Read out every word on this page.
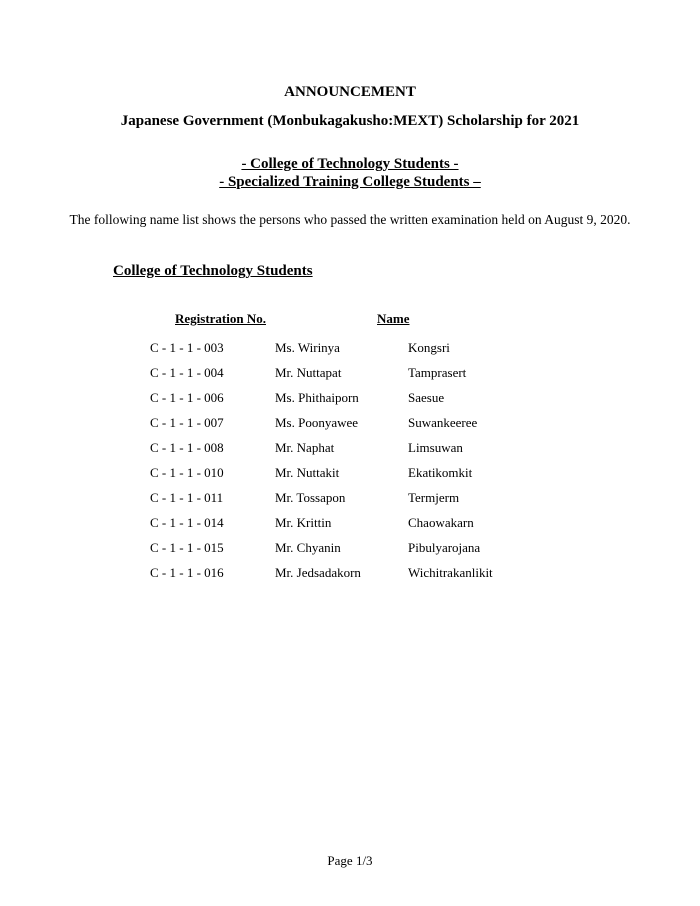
ANNOUNCEMENT
Japanese Government (Monbukagakusho:MEXT) Scholarship for 2021
- College of Technology Students -
- Specialized Training College Students –
The following name list shows the persons who passed the written examination held on August 9, 2020.
College of Technology Students
Registration No.	Name
C - 1 - 1 - 003	Ms. Wirinya	Kongsri
C - 1 - 1 - 004	Mr. Nuttapat	Tamprasert
C - 1 - 1 - 006	Ms. Phithaiporn	Saesue
C - 1 - 1 - 007	Ms. Poonyawee	Suwankeeree
C - 1 - 1 - 008	Mr. Naphat	Limsuwan
C - 1 - 1 - 010	Mr. Nuttakit	Ekatikomkit
C - 1 - 1 - 011	Mr. Tossapon	Termjerm
C - 1 - 1 - 014	Mr. Krittin	Chaowakarn
C - 1 - 1 - 015	Mr. Chyanin	Pibulyarojana
C - 1 - 1 - 016	Mr. Jedsadakorn	Wichitrakanlikit
Page 1/3
